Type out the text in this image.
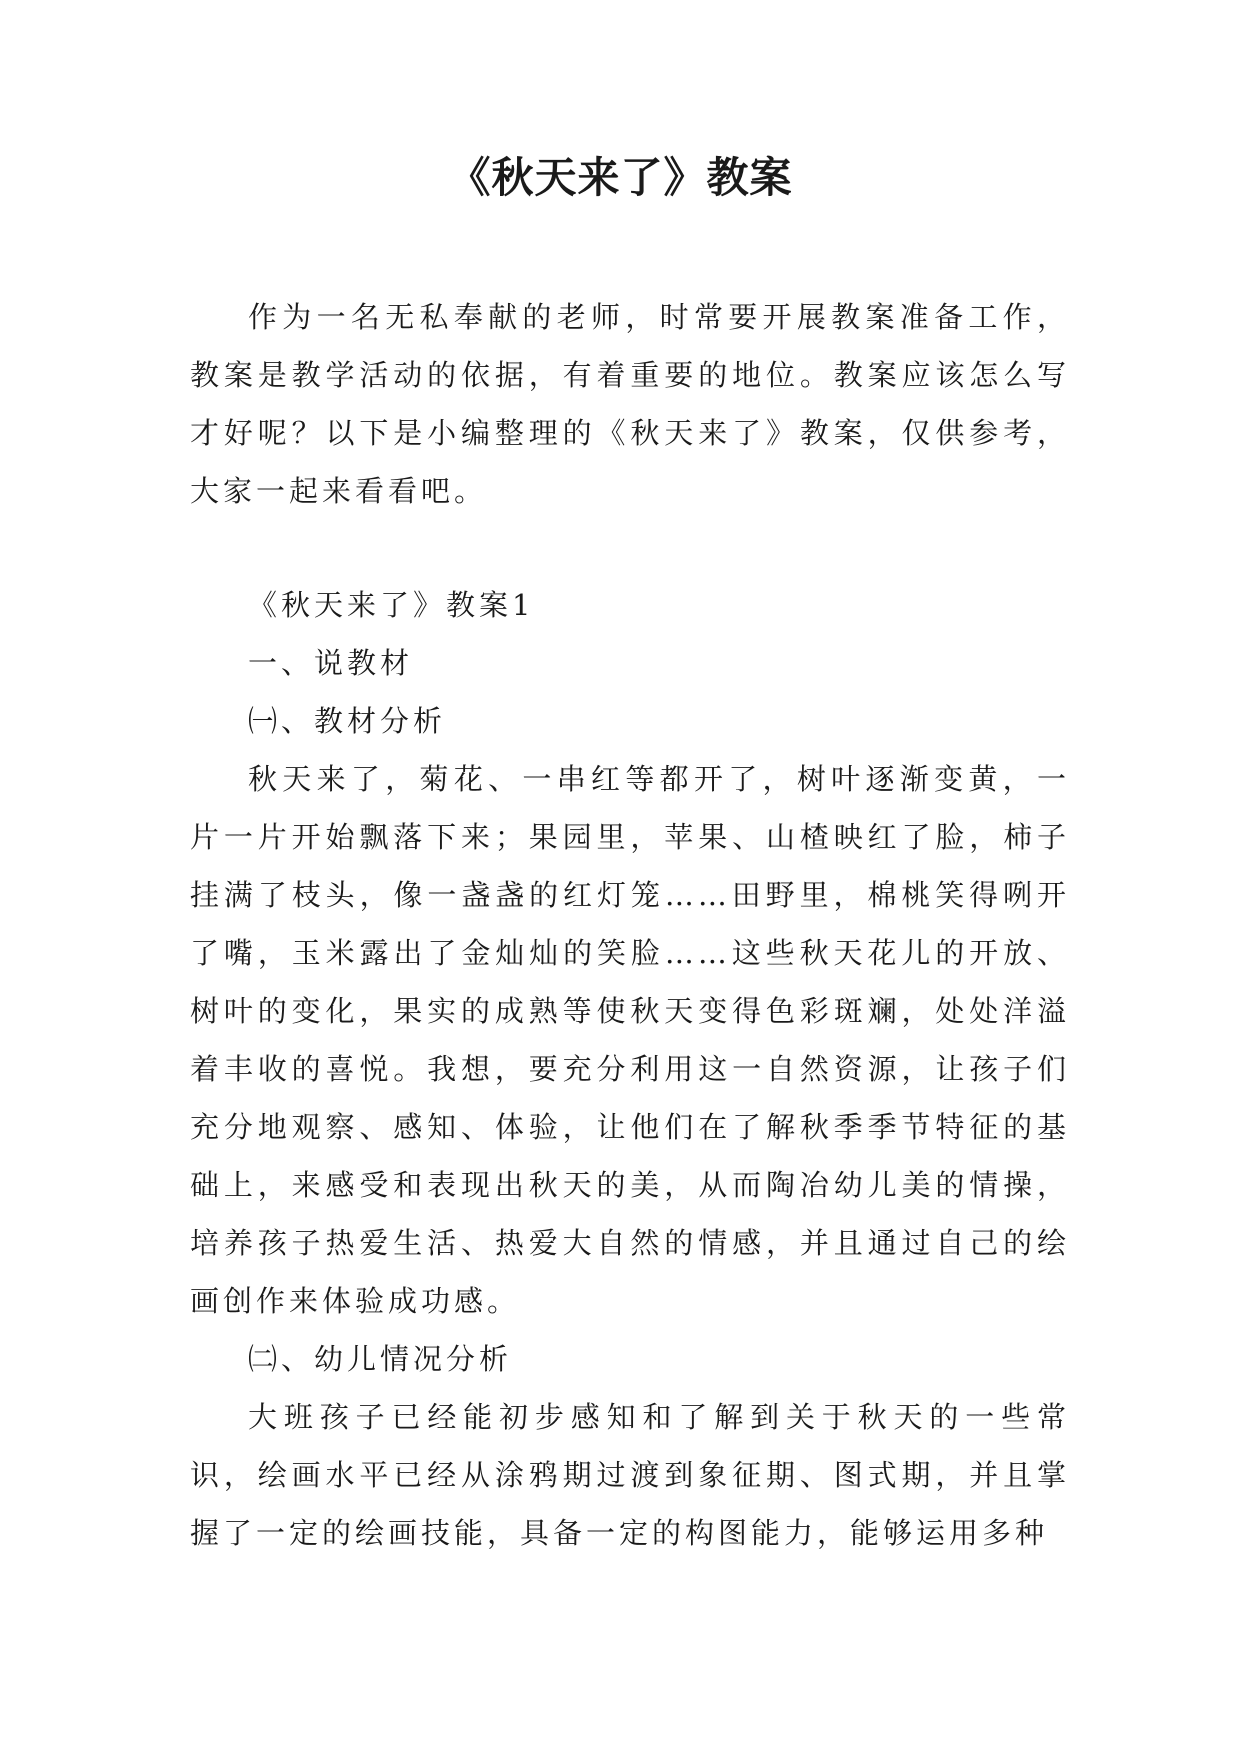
《秋天来了》教案

作为一名无私奉献的老师，时常要开展教案准备工作，教案是教学活动的依据，有着重要的地位。教案应该怎么写才好呢？以下是小编整理的《秋天来了》教案，仅供参考，大家一起来看看吧。

《秋天来了》教案1

一、说教材

㈠、教材分析

秋天来了，菊花、一串红等都开了，树叶逐渐变黄，一片一片开始飘落下来；果园里，苹果、山楂映红了脸，柿子挂满了枝头，像一盏盏的红灯笼……田野里，棉桃笑得咧开了嘴，玉米露出了金灿灿的笑脸……这些秋天花儿的开放、树叶的变化，果实的成熟等使秋天变得色彩斑斓，处处洋溢着丰收的喜悦。我想，要充分利用这一自然资源，让孩子们充分地观察、感知、体验，让他们在了解秋季季节特征的基础上，来感受和表现出秋天的美，从而陶冶幼儿美的情操，培养孩子热爱生活、热爱大自然的情感，并且通过自己的绘画创作来体验成功感。

㈡、幼儿情况分析

大班孩子已经能初步感知和了解到关于秋天的一些常识，绘画水平已经从涂鸦期过渡到象征期、图式期，并且掌握了一定的绘画技能，具备一定的构图能力，能够运用多种
